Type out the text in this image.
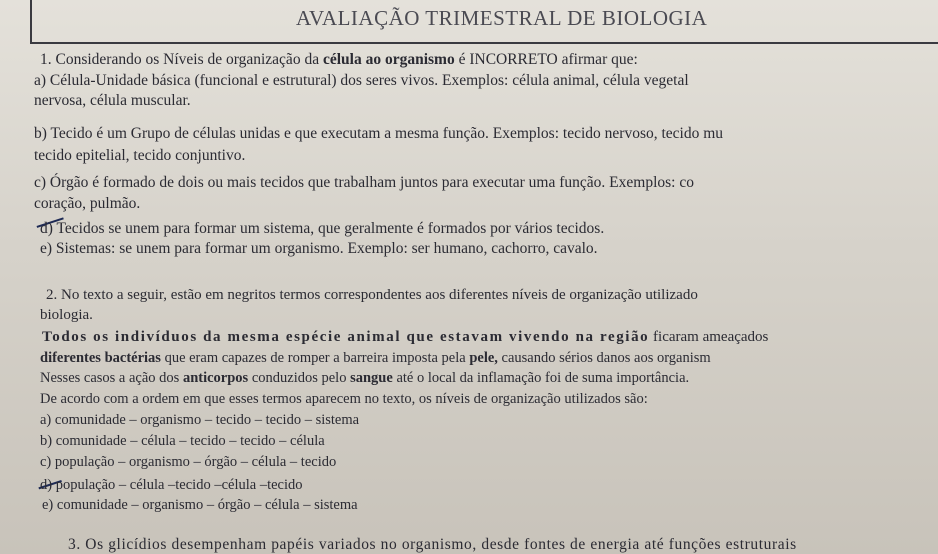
AVALIAÇÃO TRIMESTRAL DE BIOLOGIA
1. Considerando os Níveis de organização da célula ao organismo é INCORRETO afirmar que:
a) Célula-Unidade básica (funcional e estrutural) dos seres vivos. Exemplos: célula animal, célula vegetal
nervosa, célula muscular.
b) Tecido é um Grupo de células unidas e que executam a mesma função. Exemplos: tecido nervoso, tecido mu
tecido epitelial, tecido conjuntivo.
c) Órgão é formado de dois ou mais tecidos que trabalham juntos para executar uma função. Exemplos: co
coração, pulmão.
d) Tecidos se unem para formar um sistema, que geralmente é formados por vários tecidos.
e) Sistemas: se unem para formar um organismo. Exemplo: ser humano, cachorro, cavalo.
2. No texto a seguir, estão em negritos termos correspondentes aos diferentes níveis de organização utilizado
biologia.
Todos os indivíduos da mesma espécie animal que estavam vivendo na região ficaram ameaçados
diferentes bactérias que eram capazes de romper a barreira imposta pela pele, causando sérios danos aos organism
Nesses casos a ação dos anticorpos conduzidos pelo sangue até o local da inflamação foi de suma importância.
De acordo com a ordem em que esses termos aparecem no texto, os níveis de organização utilizados são:
a) comunidade – organismo – tecido – tecido – sistema
b) comunidade – célula – tecido – tecido – célula
c) população – organismo – órgão – célula – tecido
d) população – célula –tecido –célula –tecido
e) comunidade – organismo – órgão – célula – sistema
3. Os glicídios desempenham papéis variados no organismo, desde fontes de energia até funções estruturais
